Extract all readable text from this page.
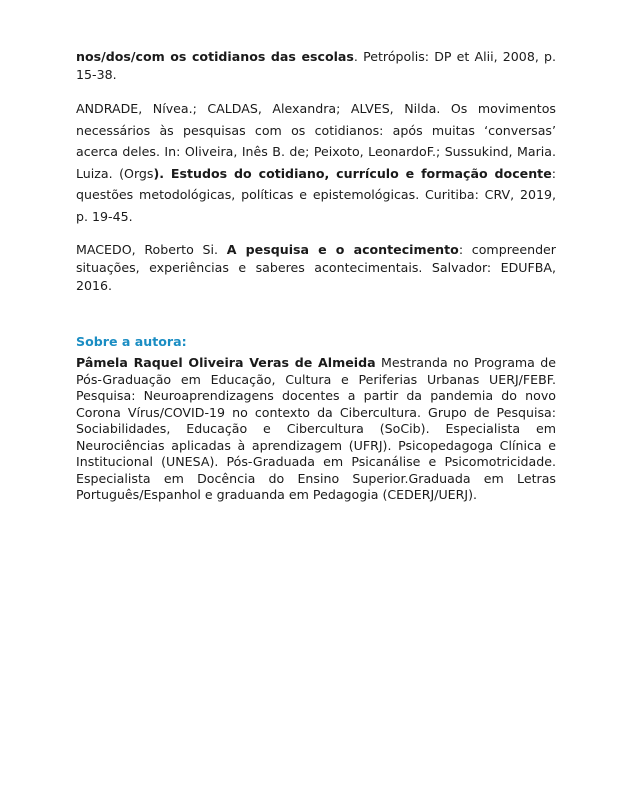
nos/dos/com os cotidianos das escolas. Petrópolis: DP et Alii, 2008, p. 15-38.

ANDRADE, Nívea.; CALDAS, Alexandra; ALVES, Nilda. Os movimentos necessários às pesquisas com os cotidianos: após muitas ‘conversas’ acerca deles. In: Oliveira, Inês B. de; Peixoto, LeonardoF.; Sussukind, Maria. Luiza. (Orgs). Estudos do cotidiano, currículo e formação docente: questões metodológicas, políticas e epistemológicas. Curitiba: CRV, 2019, p. 19-45.

MACEDO, Roberto Si. A pesquisa e o acontecimento: compreender situações, experiências e saberes acontecimentais. Salvador: EDUFBA, 2016.

Sobre a autora:

Pâmela Raquel Oliveira Veras de Almeida Mestranda no Programa de Pós-Graduação em Educação, Cultura e Periferias Urbanas UERJ/FEBF. Pesquisa: Neuroaprendizagens docentes a partir da pandemia do novo Corona Vírus/COVID-19 no contexto da Cibercultura. Grupo de Pesquisa: Sociabilidades, Educação e Cibercultura (SoCib). Especialista em Neurociências aplicadas à aprendizagem (UFRJ). Psicopedagoga Clínica e Institucional (UNESA). Pós-Graduada em Psicanálise e Psicomotricidade. Especialista em Docência do Ensino Superior.Graduada em Letras Português/Espanhol e graduanda em Pedagogia (CEDERJ/UERJ).
